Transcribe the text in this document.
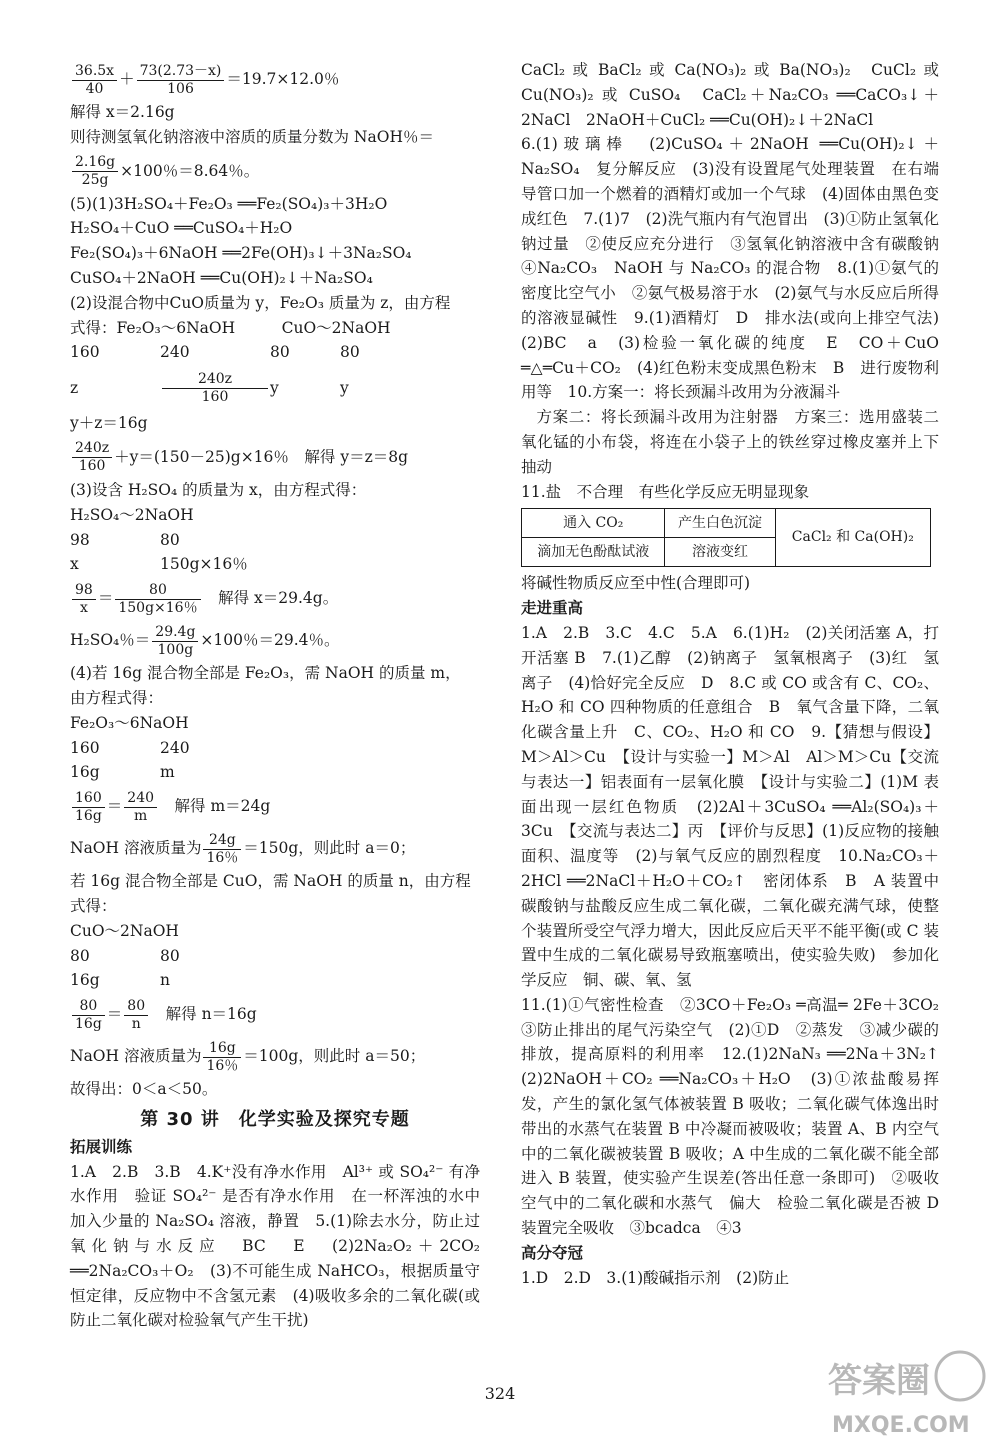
$\frac{36.5x}{40} + \frac{73(2.73-x)}{106} =19.7\times 12.0$％
解得 x＝2.16g
则待测氢氧化钠溶液中溶质的质量分数为 NaOH％＝
$\frac{2.16g}{25g} \times 100$％＝8.64％。
(5)(1)3H₂SO₄＋Fe₂O₃ ══Fe₂(SO₄)₃＋3H₂O
H₂SO₄＋CuO ══CuSO₄＋H₂O
Fe₂(SO₄)₃＋6NaOH ══2Fe(OH)₃↓＋3Na₂SO₄
CuSO₄＋2NaOH ══Cu(OH)₂↓＋Na₂SO₄
(2)设混合物中CuO质量为 y，Fe₂O₃ 质量为 z，由方程
式得：Fe₂O₃～6NaOH　　　CuO～2NaOH
160	240	80	80
z	$\frac{240z}{160}$ y	y
y＋z＝16g
$\frac{240z}{160} +y=(150-25)g\times 16$％　解得 y＝z＝8g
(3)设含 H₂SO₄ 的质量为 x，由方程式得：
H₂SO₄～2NaOH
98	80
x	150g×16％
$\frac{98}{x} = \frac{80}{150g\times 16\%}$
　 解得 x＝29.4g。
H₂SO₄％＝ $\frac{29.4g}{100g} \times 100$％＝29.4％。
(4)若 16g 混合物全部是 Fe₂O₃，需 NaOH 的质量 m，
由方程式得：
Fe₂O₃～6NaOH
160	240
16g	m
$\frac{160}{16g} = \frac{240}{m}$
　 解得 m＝24g
NaOH 溶液质量为 $\frac{24g}{16\%} =150g$，则此时 a＝0；
若 16g 混合物全部是 CuO，需 NaOH 的质量 n，由方程
式得：
CuO～2NaOH
80	80
16g	n
$\frac{80}{16g} = \frac{80}{n}$
　 解得 n＝16g
NaOH 溶液质量为 $\frac{16g}{16\%} =100g$，则此时 a＝50；
故得出：0＜a＜50。
第 30 讲　化学实验及探究专题
拓展训练
1.A　2.B　3.B　4.K⁺没有净水作用　Al³⁺ 或 SO₄²⁻ 有净水作用　验证 SO₄²⁻ 是否有净水作用　在一杯浑浊的水中加入少量的 Na₂SO₄ 溶液，静置　5.(1)除去水分，防止过氧化钠与水反应　BC　E　(2)2Na₂O₂＋2CO₂ ══2Na₂CO₃＋O₂　(3)不可能生成 NaHCO₃，根据质量守恒定律，反应物中不含氢元素　(4)吸收多余的二氧化碳(或防止二氧化碳对检验氧气产生干扰)
CaCl₂ 或 BaCl₂ 或 Ca(NO₃)₂ 或 Ba(NO₃)₂　CuCl₂ 或 Cu(NO₃)₂ 或 CuSO₄　CaCl₂＋Na₂CO₃ ══CaCO₃↓＋2NaCl　2NaOH＋CuCl₂ ══Cu(OH)₂↓＋2NaCl
6.(1)玻璃棒　(2)CuSO₄＋2NaOH ══Cu(OH)₂↓＋Na₂SO₄　复分解反应　(3)没有设置尾气处理装置　在右端导管口加一个燃着的酒精灯或加一个气球　(4)固体由黑色变成红色　7.(1)7　(2)洗气瓶内有气泡冒出　(3)①防止氢氧化钠过量　②使反应充分进行　③氢氧化钠溶液中含有碳酸钠　④Na₂CO₃　NaOH 与 Na₂CO₃ 的混合物　8.(1)①氨气的密度比空气小　②氨气极易溶于水　(2)氨气与水反应后所得的溶液显碱性　9.(1)酒精灯　D　排水法(或向上排空气法)　(2)BC　a　(3)检验一氧化碳的纯度　E　CO＋CuO ═△═Cu＋CO₂　(4)红色粉末变成黑色粉末　B　进行废物利用等　10.方案一：将长颈漏斗改用为分液漏斗
方案二：将长颈漏斗改用为注射器　方案三：选用盛装二氧化锰的小布袋，将连在小袋子上的铁丝穿过橡皮塞并上下抽动
11.盐　不合理　有些化学反应无明显现象
通入 CO₂	产生白色沉淀	CaCl₂ 和 Ca(OH)₂
滴加无色酚酞试液	溶液变红	
将碱性物质反应至中性(合理即可)
走进重高
1.A　2.B　3.C　4.C　5.A　6.(1)H₂　(2)关闭活塞 A，打开活塞 B　7.(1)乙醇　(2)钠离子　氢氧根离子　(3)红　氢离子　(4)恰好完全反应　D　8.C 或 CO 或含有 C、CO₂、H₂O 和 CO 四种物质的任意组合　B　氧气含量下降，二氧化碳含量上升　C、CO₂、H₂O 和 CO　9.【猜想与假设】M＞Al＞Cu　【设计与实验一】M＞Al　Al＞M＞Cu【交流与表达一】铝表面有一层氧化膜　【设计与实验二】(1)M 表面出现一层红色物质　(2)2Al＋3CuSO₄ ══Al₂(SO₄)₃＋3Cu　【交流与表达二】丙　【评价与反思】(1)反应物的接触面积、温度等　(2)与氧气反应的剧烈程度　10.Na₂CO₃＋2HCl ══2NaCl＋H₂O＋CO₂↑　密闭体系　B　A 装置中碳酸钠与盐酸反应生成二氧化碳，二氧化碳充满气球，使整个装置所受空气浮力增大，因此反应后天平不能平衡(或 C 装置中生成的二氧化碳易导致瓶塞喷出，使实验失败)　参加化学反应　铜、碳、氧、氢
11.(1)①气密性检查　②3CO＋Fe₂O₃ ═高温═ 2Fe＋3CO₂　③防止排出的尾气污染空气　(2)①D　②蒸发　③减少碳的排放，提高原料的利用率　12.(1)2NaN₃ ══2Na＋3N₂↑　(2)2NaOH＋CO₂ ══Na₂CO₃＋H₂O　(3)①浓盐酸易挥发，产生的氯化氢气体被装置 B 吸收；二氧化碳气体逸出时带出的水蒸气在装置 B 中冷凝而被吸收；装置 A、B 内空气中的二氧化碳被装置 B 吸收；A 中生成的二氧化碳不能全部进入 B 装置，使实验产生误差(答出任意一条即可)　②吸收空气中的二氧化碳和水蒸气　偏大　检验二氧化碳是否被 D 装置完全吸收　③bcadca　④3
高分夺冠
1.D　2.D　3.(1)酸碱指示剂　(2)防止
324	答案圈
MXQE.COM
